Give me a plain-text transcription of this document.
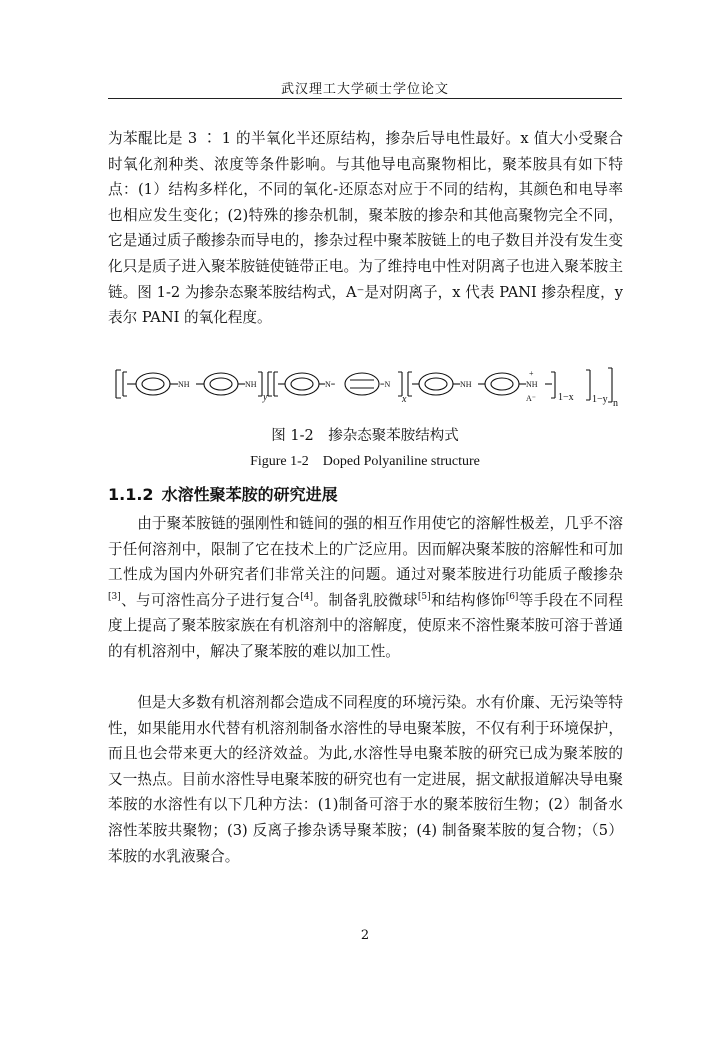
武汉理工大学硕士学位论文

为苯醌比是 3 ∶ 1 的半氧化半还原结构，掺杂后导电性最好。x 值大小受聚合时氧化剂种类、浓度等条件影响。与其他导电高聚物相比，聚苯胺具有如下特点：(1）结构多样化，不同的氧化-还原态对应于不同的结构，其颜色和电导率也相应发生变化；(2)特殊的掺杂机制，聚苯胺的掺杂和其他高聚物完全不同，它是通过质子酸掺杂而导电的，掺杂过程中聚苯胺链上的电子数目并没有发生变化只是质子进入聚苯胺链使链带正电。为了维持电中性对阴离子也进入聚苯胺主链。图 1-2 为掺杂态聚苯胺结构式，A⁻是对阴离子，x 代表 PANI 掺杂程度，y 表尔 PANI 的氧化程度。

NH	NH
y
N=	=N
x
NH
+
NH
A⁻ 1−x 1−y n
图 1-2　掺杂态聚苯胺结构式
Figure 1-2　Doped Polyaniline structure
1.1.2 水溶性聚苯胺的研究进展

由于聚苯胺链的强刚性和链间的强的相互作用使它的溶解性极差，几乎不溶于任何溶剂中，限制了它在技术上的广泛应用。因而解决聚苯胺的溶解性和可加工性成为国内外研究者们非常关注的问题。通过对聚苯胺进行功能质子酸掺杂[3]、与可溶性高分子进行复合[4]。制备乳胶微球[5]和结构修饰[6]等手段在不同程度上提高了聚苯胺家族在有机溶剂中的溶解度，使原来不溶性聚苯胺可溶于普通的有机溶剂中，解决了聚苯胺的难以加工性。

但是大多数有机溶剂都会造成不同程度的环境污染。水有价廉、无污染等特性，如果能用水代替有机溶剂制备水溶性的导电聚苯胺，不仅有利于环境保护，而且也会带来更大的经济效益。为此,水溶性导电聚苯胺的研究已成为聚苯胺的又一热点。目前水溶性导电聚苯胺的研究也有一定进展，据文献报道解决导电聚苯胺的水溶性有以下几种方法：(1)制备可溶于水的聚苯胺衍生物；(2）制备水溶性苯胺共聚物；(3) 反离子掺杂诱导聚苯胺；(4) 制备聚苯胺的复合物；（5）苯胺的水乳液聚合。

2
